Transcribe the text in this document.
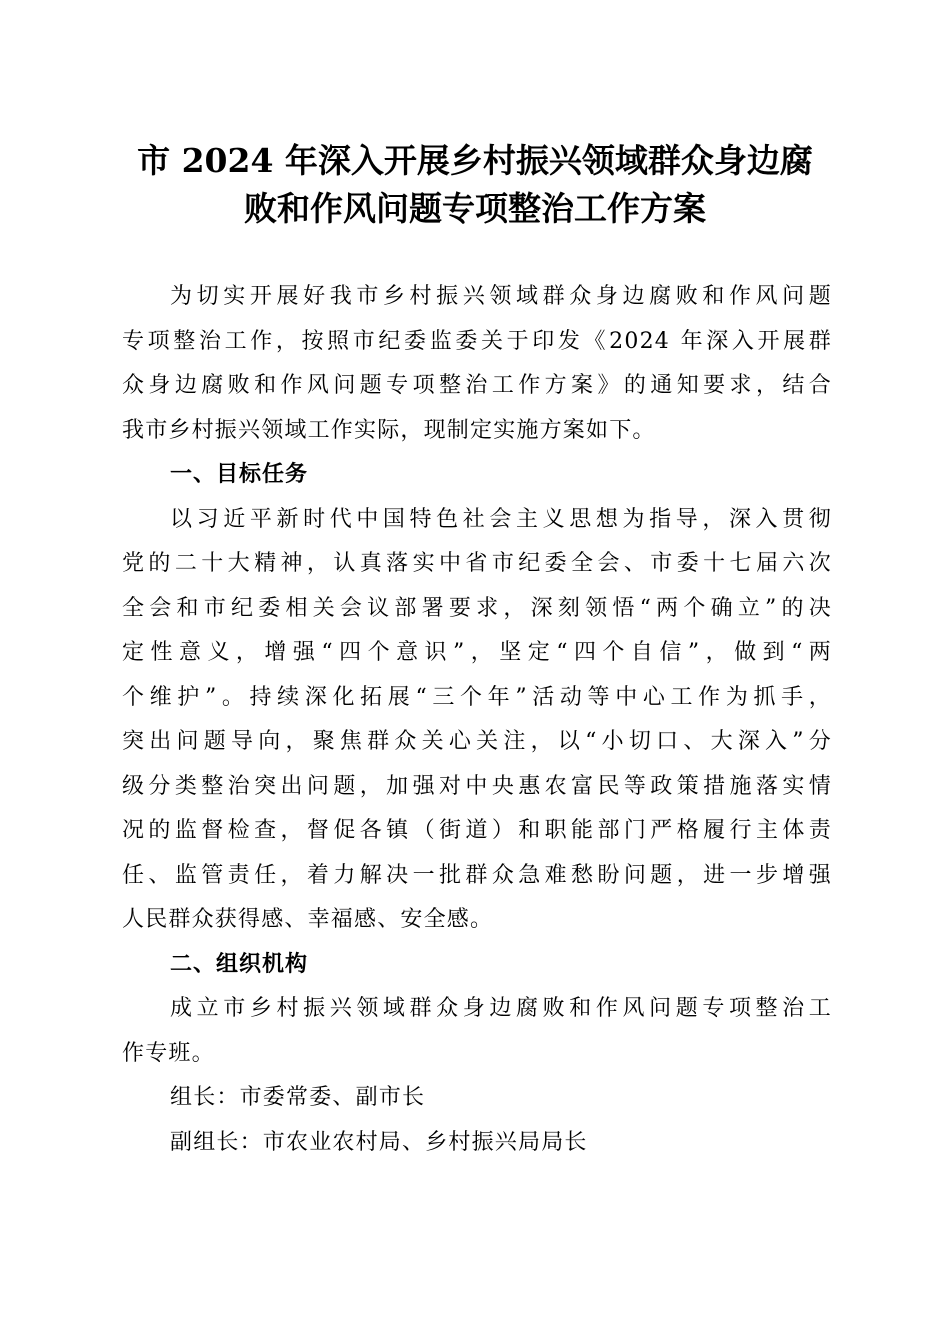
市 2024 年深入开展乡村振兴领域群众身边腐
败和作风问题专项整治工作方案
为切实开展好我市乡村振兴领域群众身边腐败和作风问题
专项整治工作，按照市纪委监委关于印发《2024 年深入开展群
众身边腐败和作风问题专项整治工作方案》的通知要求，结合
我市乡村振兴领域工作实际，现制定实施方案如下。
一、目标任务
以习近平新时代中国特色社会主义思想为指导，深入贯彻
党的二十大精神，认真落实中省市纪委全会、市委十七届六次
全会和市纪委相关会议部署要求，深刻领悟“两个确立”的决
定性意义，增强“四个意识”，坚定“四个自信”，做到“两
个维护”。持续深化拓展“三个年”活动等中心工作为抓手，
突出问题导向，聚焦群众关心关注，以“小切口、大深入”分
级分类整治突出问题，加强对中央惠农富民等政策措施落实情
况的监督检查，督促各镇（街道）和职能部门严格履行主体责
任、监管责任，着力解决一批群众急难愁盼问题，进一步增强
人民群众获得感、幸福感、安全感。
二、组织机构
成立市乡村振兴领域群众身边腐败和作风问题专项整治工
作专班。
组长：市委常委、副市长
副组长：市农业农村局、乡村振兴局局长
